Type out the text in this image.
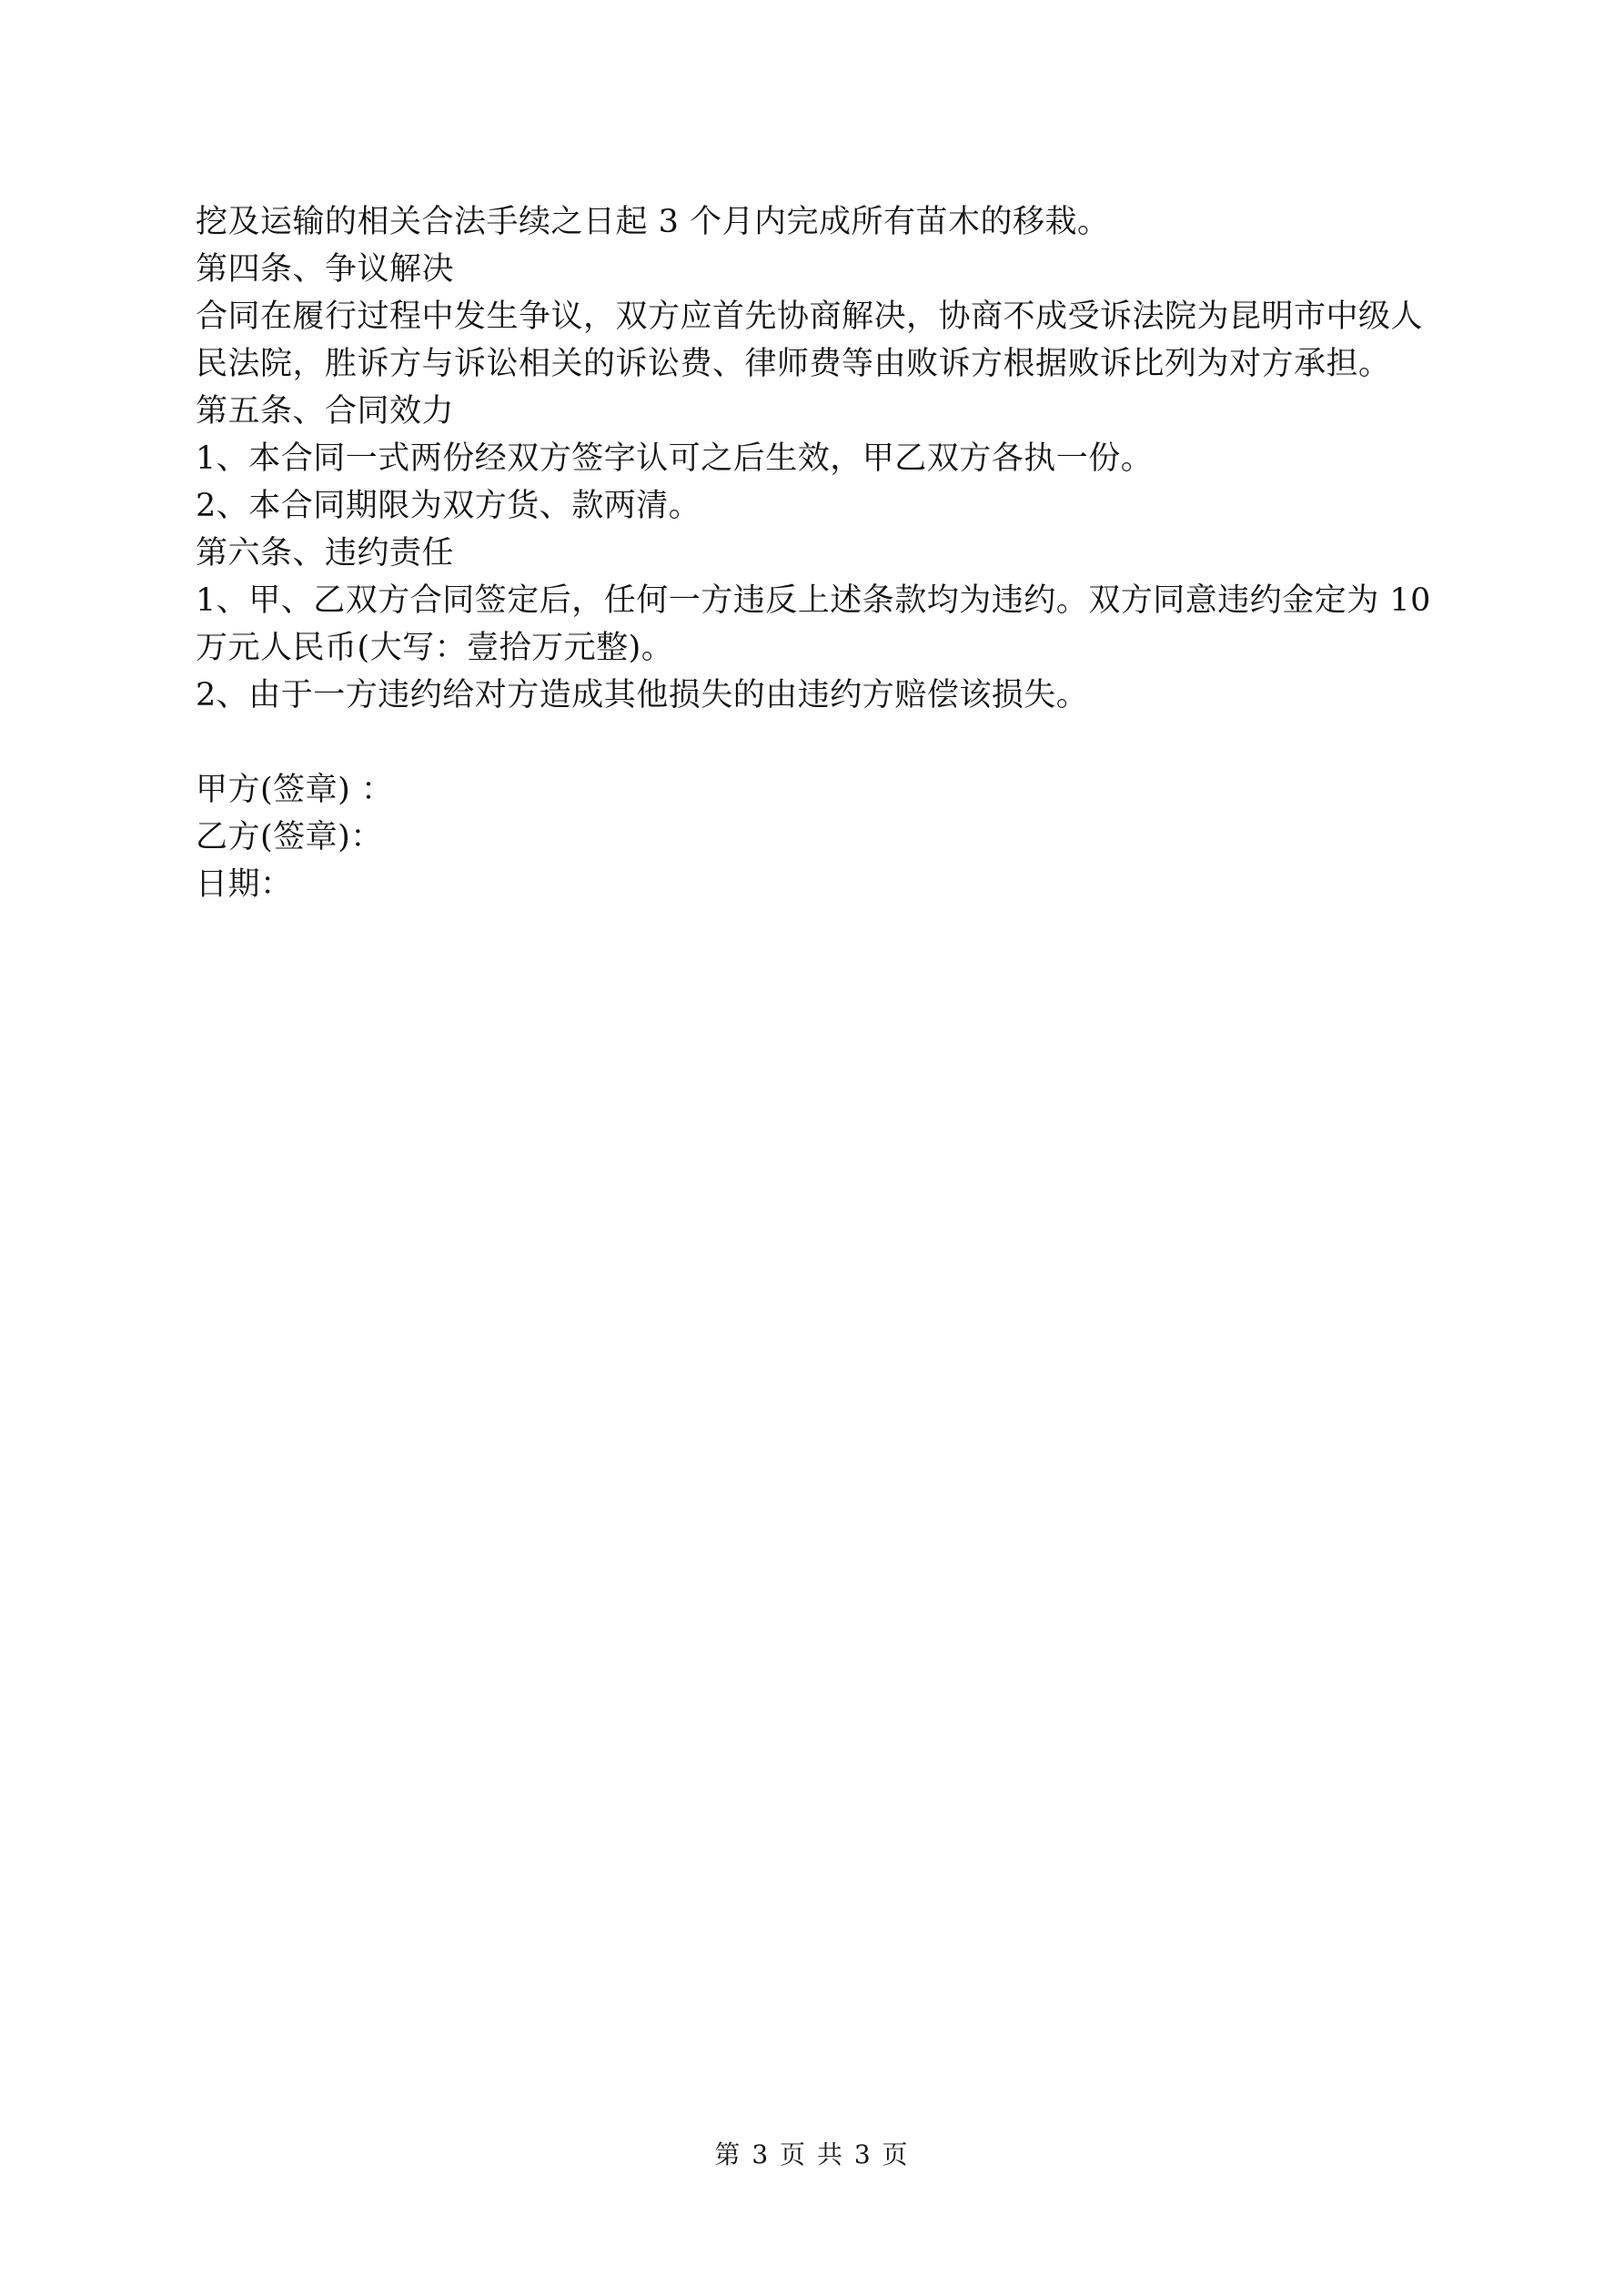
挖及运输的相关合法手续之日起 3 个月内完成所有苗木的移栽。
第四条、争议解决
合同在履行过程中发生争议，双方应首先协商解决，协商不成受诉法院为昆明市中级人
民法院，胜诉方与诉讼相关的诉讼费、律师费等由败诉方根据败诉比列为对方承担。
第五条、合同效力
1、本合同一式两份经双方签字认可之后生效，甲乙双方各执一份。
2、本合同期限为双方货、款两清。
第六条、违约责任
1、甲、乙双方合同签定后，任何一方违反上述条款均为违约。双方同意违约金定为 10
万元人民币(大写：壹拾万元整)。
2、由于一方违约给对方造成其他损失的由违约方赔偿该损失。
甲方(签章) ：
乙方(签章)：
日期：
第 3 页 共 3 页
